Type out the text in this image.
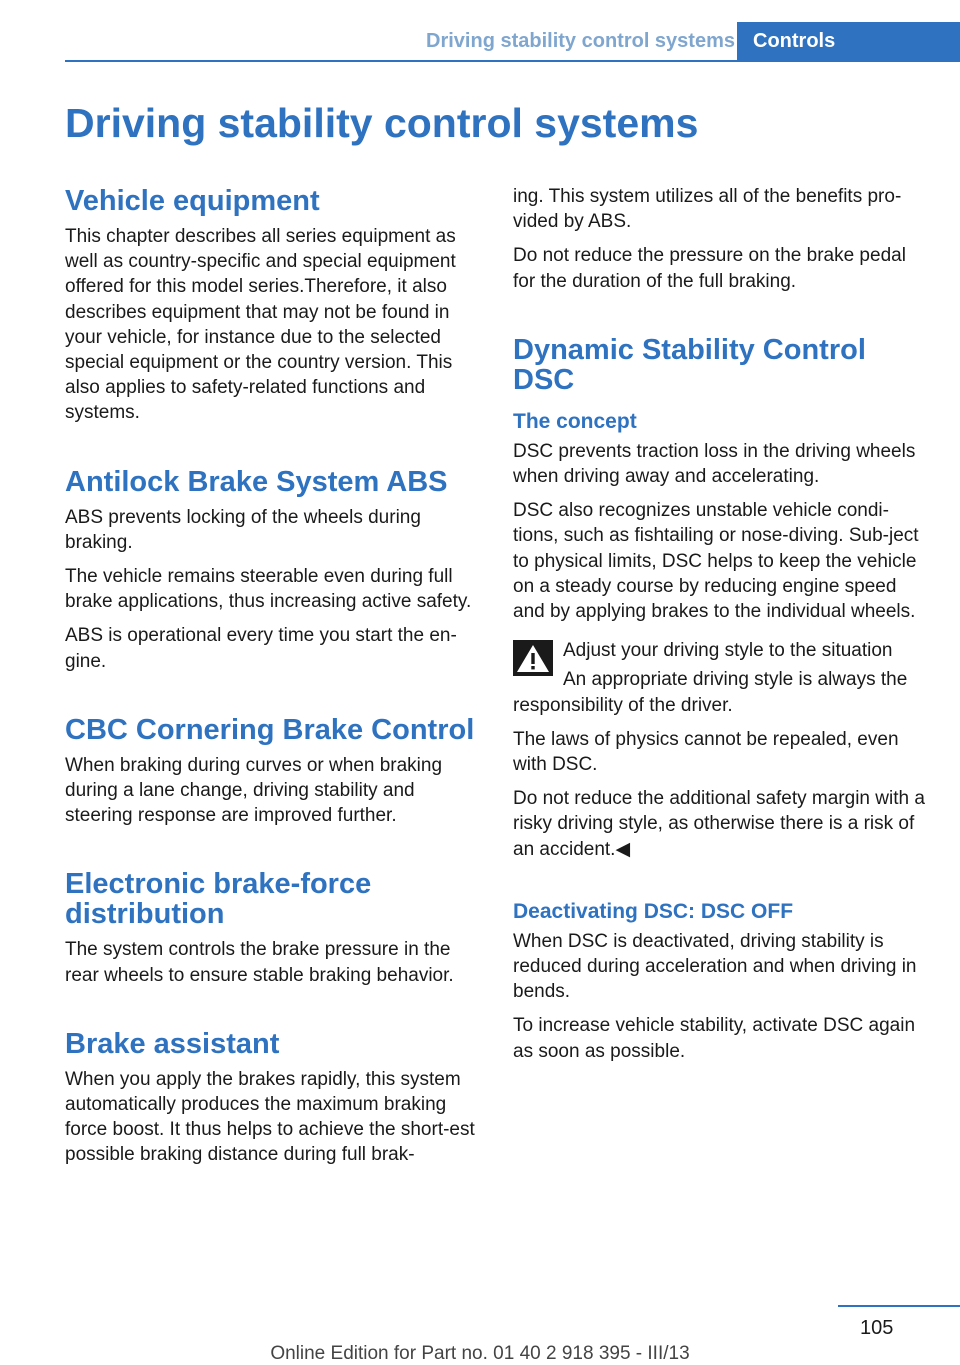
Driving stability control systems Controls
Driving stability control systems
Vehicle equipment

This chapter describes all series equipment as well as country-specific and special equipment offered for this model series.Therefore, it also describes equipment that may not be found in your vehicle, for instance due to the selected special equipment or the country version. This also applies to safety-related functions and systems.

Antilock Brake System ABS

ABS prevents locking of the wheels during braking.

The vehicle remains steerable even during full brake applications, thus increasing active safety.

ABS is operational every time you start the en‐gine.

CBC Cornering Brake Control

When braking during curves or when braking during a lane change, driving stability and steering response are improved further.

Electronic brake-force distribution

The system controls the brake pressure in the rear wheels to ensure stable braking behavior.

Brake assistant

When you apply the brakes rapidly, this system automatically produces the maximum braking force boost. It thus helps to achieve the short‐est possible braking distance during full brak‐

ing. This system utilizes all of the benefits pro‐vided by ABS.

Do not reduce the pressure on the brake pedal for the duration of the full braking.

Dynamic Stability Control DSC
The concept

DSC prevents traction loss in the driving wheels when driving away and accelerating.

DSC also recognizes unstable vehicle condi‐tions, such as fishtailing or nose-diving. Sub‐ject to physical limits, DSC helps to keep the vehicle on a steady course by reducing engine speed and by applying brakes to the individual wheels.

Adjust your driving style to the situation

An appropriate driving style is always the responsibility of the driver.

The laws of physics cannot be repealed, even with DSC.

Do not reduce the additional safety margin with a risky driving style, as otherwise there is a risk of an accident.◀

Deactivating DSC: DSC OFF

When DSC is deactivated, driving stability is reduced during acceleration and when driving in bends.

To increase vehicle stability, activate DSC again as soon as possible.

105
Online Edition for Part no. 01 40 2 918 395 - III/13
